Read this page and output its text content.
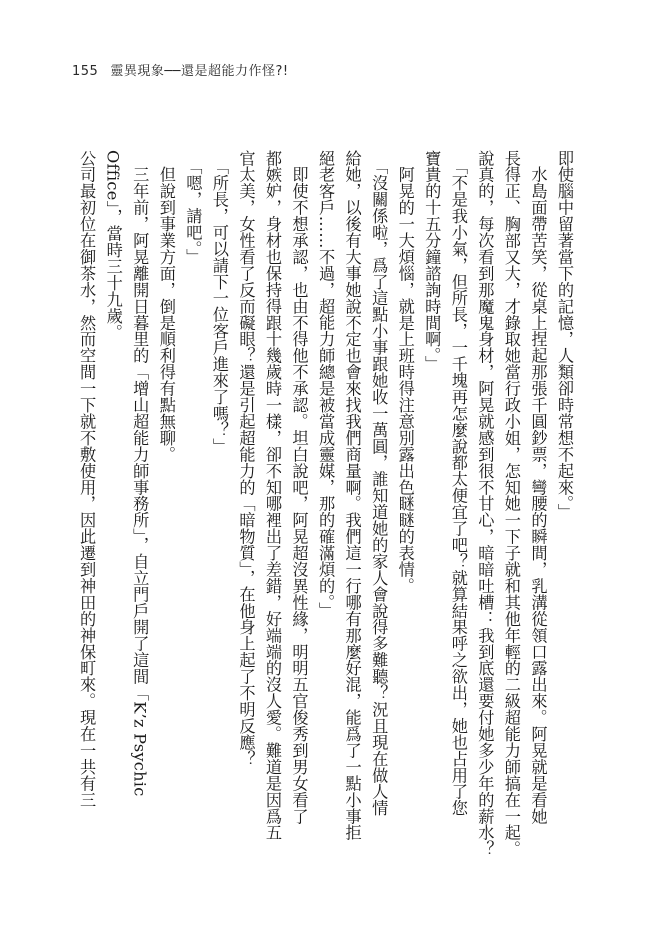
155 靈異現象──還是超能力作怪?!
即使腦中留著當下的記憶，人類卻時常想不起來。」
　水島面帶苦笑，從桌上捏起那張千圓鈔票，彎腰的瞬間，乳溝從領口露出來。阿晃就是看她
長得正、胸部又大，才錄取她當行政小姐，怎知她一下子就和其他年輕的二級超能力師搞在一起。
說真的，每次看到那魔鬼身材，阿晃就感到很不甘心，暗暗吐槽：我到底還要付她多少年的薪水？
　「不是我小氣，但所長，一千塊再怎麼說都太便宜了吧？就算結果呼之欲出，她也占用了您
寶貴的十五分鐘諮詢時間啊。」
　阿晃的一大煩惱，就是上班時得注意別露出色瞇瞇的表情。
　「沒關係啦，爲了這點小事跟她收一萬圓，誰知道她的家人會說得多難聽？況且現在做人情
給她，以後有大事她說不定也會來找我們商量啊。我們這一行哪有那麼好混，能爲了一點小事拒
絕老客戶……不過，超能力師總是被當成靈媒，那的確滿煩的。」
　即使不想承認，也由不得他不承認。坦白說吧，阿晃超沒異性緣，明明五官俊秀到男女看了
都嫉妒，身材也保持得跟十幾歲時一樣，卻不知哪裡出了差錯，好端端的沒人愛。難道是因爲五
官太美，女性看了反而礙眼？還是引起超能力的「暗物質」，在他身上起了不明反應？
　「所長，可以請下一位客戶進來了嗎？」
　「嗯，請吧。」
　但說到事業方面，倒是順利得有點無聊。
　三年前，阿晃離開日暮里的「增山超能力師事務所」，自立門戶開了這間「K’z Psychic
Office」，當時三十九歲。
公司最初位在御茶水，然而空間一下就不敷使用，因此遷到神田的神保町來。現在一共有三
